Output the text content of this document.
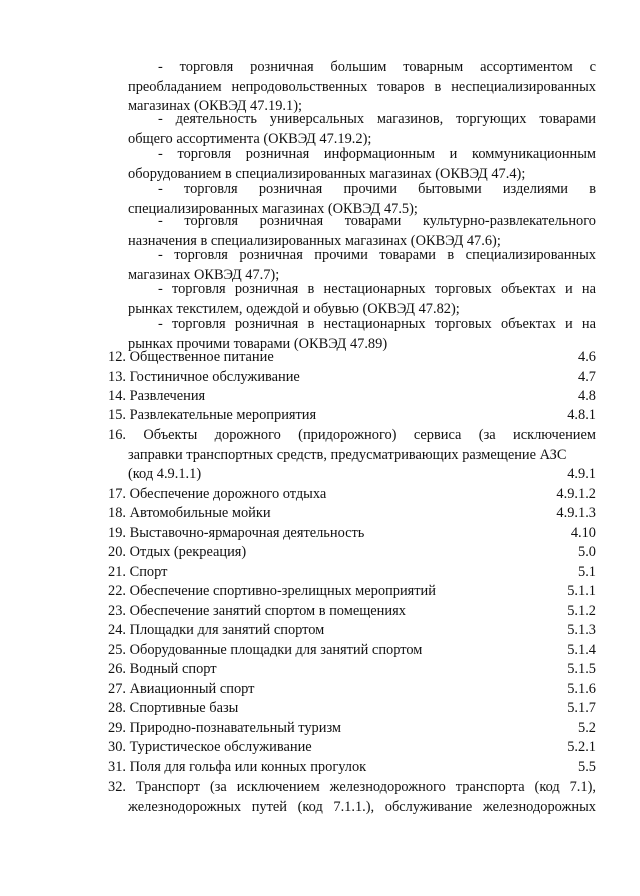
- торговля розничная большим товарным ассортиментом с преобладанием непродовольственных товаров в неспециализированных магазинах (ОКВЭД 47.19.1);
- деятельность универсальных магазинов, торгующих товарами общего ассортимента (ОКВЭД 47.19.2);
- торговля розничная информационным и коммуникационным оборудованием в специализированных магазинах (ОКВЭД 47.4);
- торговля розничная прочими бытовыми изделиями в специализированных магазинах (ОКВЭД 47.5);
- торговля розничная товарами культурно-развлекательного назначения в специализированных магазинах (ОКВЭД 47.6);
- торговля розничная прочими товарами в специализированных магазинах ОКВЭД 47.7);
- торговля розничная в нестационарных торговых объектах и на рынках текстилем, одеждой и обувью (ОКВЭД 47.82);
- торговля розничная в нестационарных торговых объектах и на рынках прочими товарами (ОКВЭД 47.89)
12. Общественное питание	4.6
13. Гостиничное обслуживание	4.7
14. Развлечения	4.8
15. Развлекательные мероприятия	4.8.1
16. Объекты дорожного (придорожного) сервиса (за исключением
заправки транспортных средств, предусматривающих размещение АЗС
(код 4.9.1.1)	4.9.1
17. Обеспечение дорожного отдыха	4.9.1.2
18. Автомобильные мойки	4.9.1.3
19. Выставочно-ярмарочная деятельность	4.10
20. Отдых (рекреация)	5.0
21. Спорт	5.1
22. Обеспечение спортивно-зрелищных мероприятий	5.1.1
23. Обеспечение занятий спортом в помещениях	5.1.2
24. Площадки для занятий спортом	5.1.3
25. Оборудованные площадки для занятий спортом	5.1.4
26. Водный спорт	5.1.5
27. Авиационный спорт	5.1.6
28. Спортивные базы	5.1.7
29. Природно-познавательный туризм	5.2
30. Туристическое обслуживание	5.2.1
31. Поля для гольфа или конных прогулок	5.5
32. Транспорт (за исключением железнодорожного транспорта (код 7.1),
железнодорожных путей (код 7.1.1.), обслуживание железнодорожных
